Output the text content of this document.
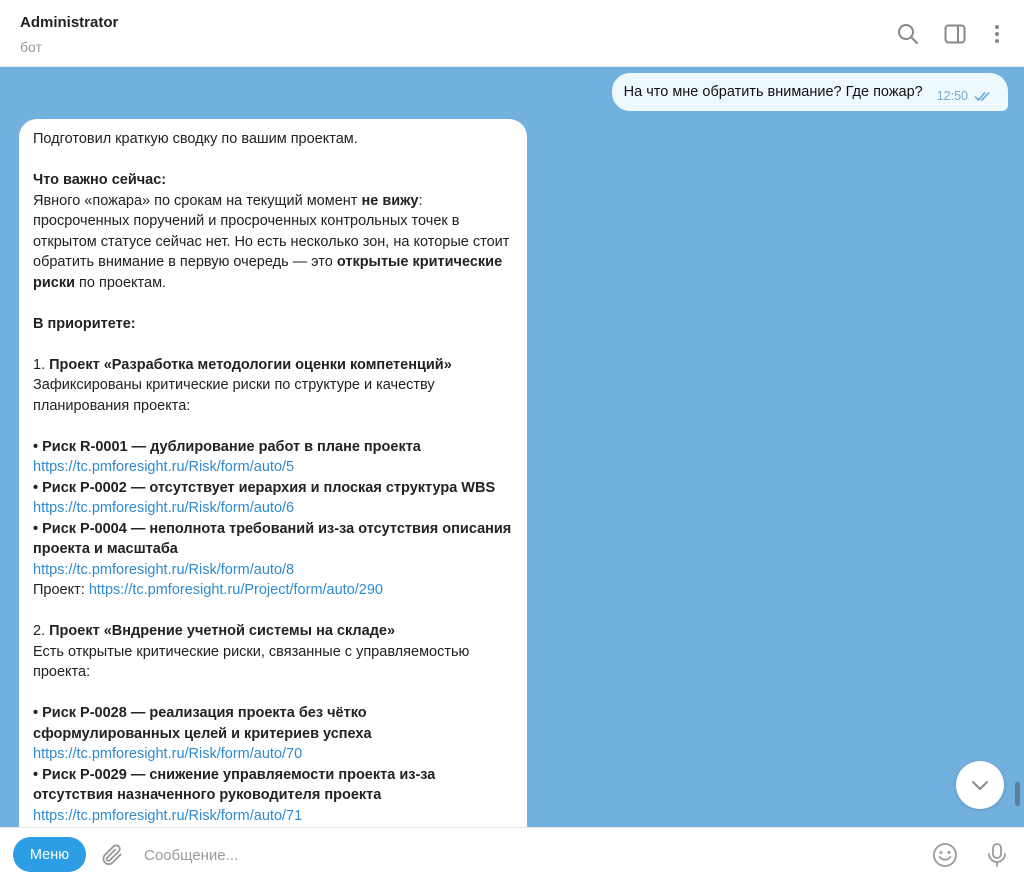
Administrator
бот
На что мне обратить внимание? Где пожар? 12:50

Подготовил краткую сводку по вашим проектам.

Что важно сейчас:

Явного «пожара» по срокам на текущий момент не вижу: просроченных поручений и просроченных контрольных точек в открытом статусе сейчас нет. Но есть несколько зон, на которые стоит обратить внимание в первую очередь — это открытые критические риски по проектам.

В приоритете:

1. Проект «Разработка методологии оценки компетенций»

Зафиксированы критические риски по структуре и качеству планирования проекта:

• Риск R-0001 — дублирование работ в плане проекта

https://tc.pmforesight.ru/Risk/form/auto/5

• Риск Р-0002 — отсутствует иерархия и плоская структура WBS

https://tc.pmforesight.ru/Risk/form/auto/6

• Риск Р-0004 — неполнота требований из-за отсутствия описания проекта и масштаба

https://tc.pmforesight.ru/Risk/form/auto/8

Проект: https://tc.pmforesight.ru/Project/form/auto/290

2. Проект «Вндрение учетной системы на складе»

Есть открытые критические риски, связанные с управляемостью проекта:

• Риск Р-0028 — реализация проекта без чётко сформулированных целей и критериев успеха

https://tc.pmforesight.ru/Risk/form/auto/70

• Риск Р-0029 — снижение управляемости проекта из-за отсутствия назначенного руководителя проекта

https://tc.pmforesight.ru/Risk/form/auto/71

Меню
Сообщение...
